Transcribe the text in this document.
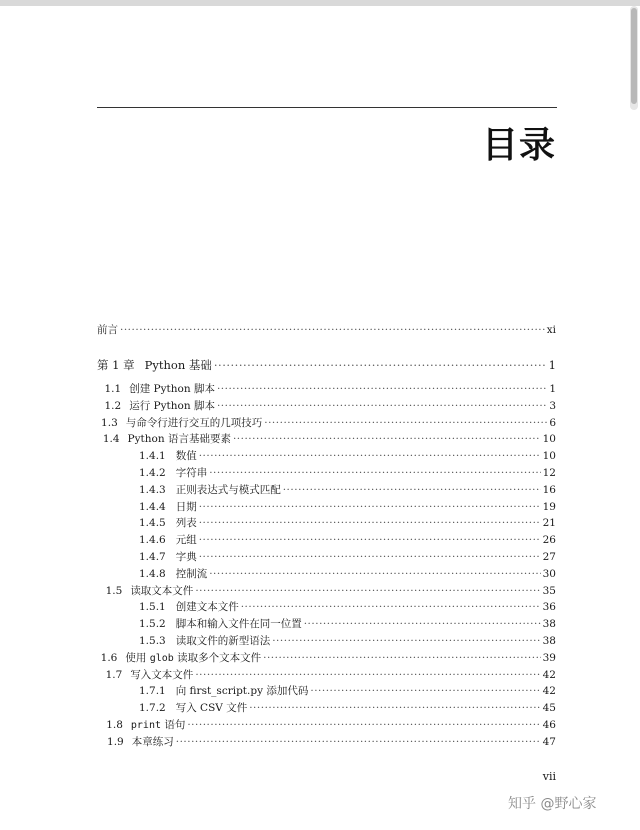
目录
前言 ·····	xi
第 1 章 Python 基础 ·····	1
1.1 创建 Python 脚本 ·····	1
1.2 运行 Python 脚本 ·····	3
1.3 与命令行进行交互的几项技巧 ·····	6
1.4 Python 语言基础要素 ·····	10
1.4.1 数值 ·····	10
1.4.2 字符串 ·····	12
1.4.3 正则表达式与模式匹配 ·····	16
1.4.4 日期 ·····	19
1.4.5 列表 ·····	21
1.4.6 元组 ·····	26
1.4.7 字典 ·····	27
1.4.8 控制流 ·····	30
1.5 读取文本文件 ·····	35
1.5.1 创建文本文件 ·····	36
1.5.2 脚本和输入文件在同一位置 ·····	38
1.5.3 读取文件的新型语法 ·····	38
1.6 使用 glob 读取多个文本文件 ·····	39
1.7 写入文本文件 ·····	42
1.7.1 向 first_script.py 添加代码 ·····	42
1.7.2 写入 CSV 文件 ·····	45
1.8 print 语句 ·····	46
1.9 本章练习 ·····	47
vii
知乎 @野心家
